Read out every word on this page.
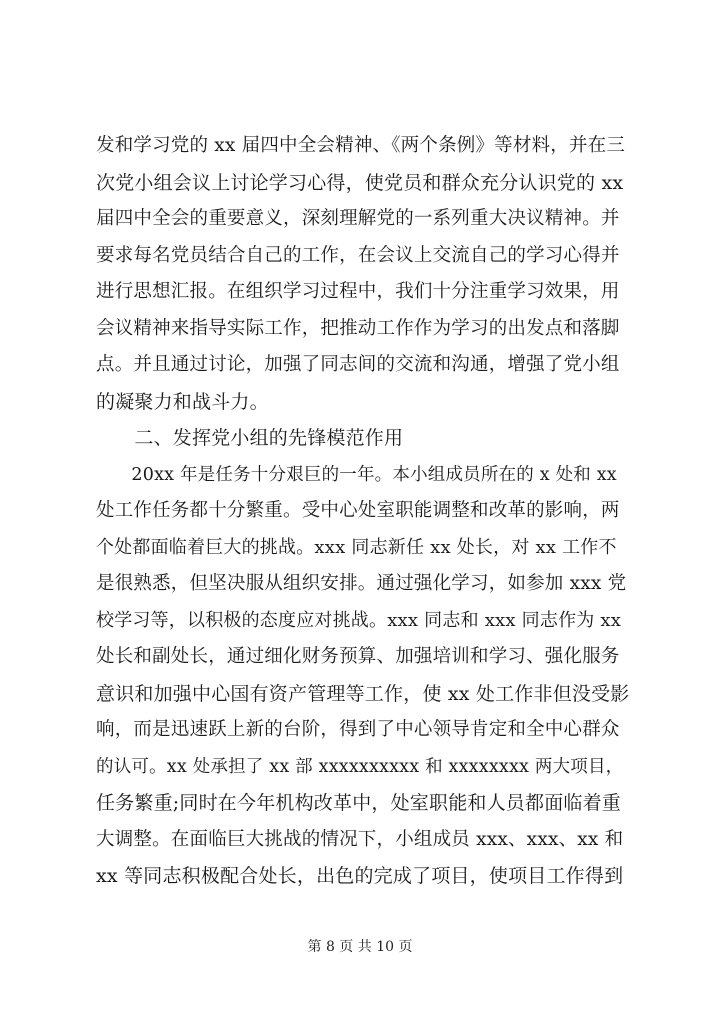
发和学习党的 xx 届四中全会精神、《两个条例》等材料，并在三
次党小组会议上讨论学习心得，使党员和群众充分认识党的 xx
届四中全会的重要意义，深刻理解党的一系列重大决议精神。并
要求每名党员结合自己的工作，在会议上交流自己的学习心得并
进行思想汇报。在组织学习过程中，我们十分注重学习效果，用
会议精神来指导实际工作，把推动工作作为学习的出发点和落脚
点。并且通过讨论，加强了同志间的交流和沟通，增强了党小组
的凝聚力和战斗力。
　　二、发挥党小组的先锋模范作用
　　20xx 年是任务十分艰巨的一年。本小组成员所在的 x 处和 xx
处工作任务都十分繁重。受中心处室职能调整和改革的影响，两
个处都面临着巨大的挑战。xxx 同志新任 xx 处长，对 xx 工作不
是很熟悉，但坚决服从组织安排。通过强化学习，如参加 xxx 党
校学习等，以积极的态度应对挑战。xxx 同志和 xxx 同志作为 xx
处长和副处长，通过细化财务预算、加强培训和学习、强化服务
意识和加强中心国有资产管理等工作，使 xx 处工作非但没受影
响，而是迅速跃上新的台阶，得到了中心领导肯定和全中心群众
的认可。xx 处承担了 xx 部 xxxxxxxxxx 和 xxxxxxxx 两大项目，
任务繁重;同时在今年机构改革中，处室职能和人员都面临着重
大调整。在面临巨大挑战的情况下，小组成员 xxx、xxx、xx 和
xx 等同志积极配合处长，出色的完成了项目，使项目工作得到
第 8 页 共 10 页
